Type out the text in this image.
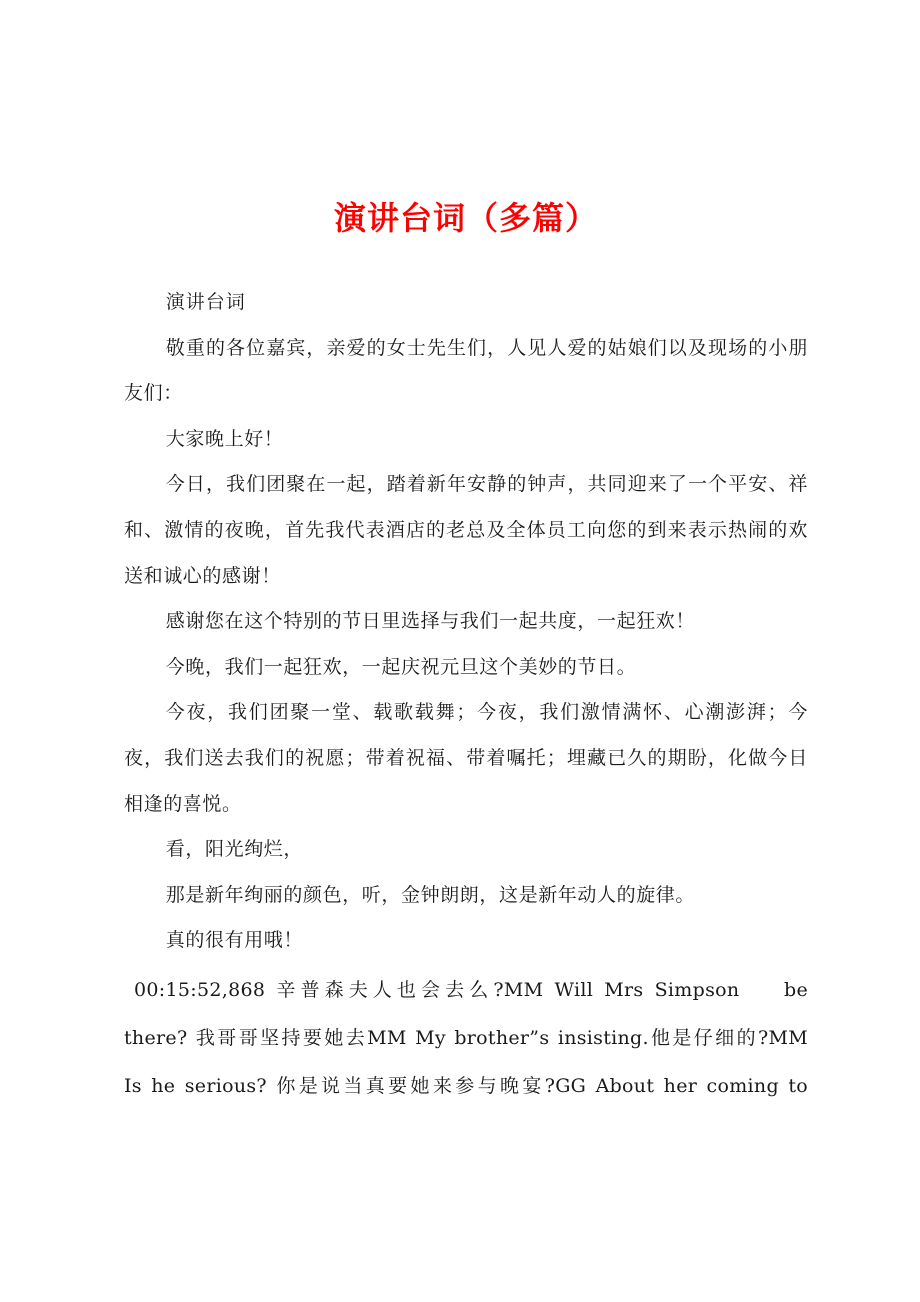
演讲台词（多篇）

演讲台词

敬重的各位嘉宾，亲爱的女士先生们，人见人爱的姑娘们以及现场的小朋友们：

大家晚上好！

今日，我们团聚在一起，踏着新年安静的钟声，共同迎来了一个平安、祥和、激情的夜晚，首先我代表酒店的老总及全体员工向您的到来表示热闹的欢送和诚心的感谢！

感谢您在这个特别的节日里选择与我们一起共度，一起狂欢！

今晚，我们一起狂欢，一起庆祝元旦这个美妙的节日。

今夜，我们团聚一堂、载歌载舞；今夜，我们激情满怀、心潮澎湃；今夜，我们送去我们的祝愿；带着祝福、带着嘱托；埋藏已久的期盼，化做今日相逢的喜悦。

看，阳光绚烂，

那是新年绚丽的颜色，听，金钟朗朗，这是新年动人的旋律。

真的很有用哦！

00:15:52,868 辛普森夫人也会去么?MM Will Mrs Simpson    be
there? 我哥哥坚持要她去MM My brother”s insisting.他是仔细的?MM
Is he serious? 你是说当真要她来参与晚宴?GG About her coming to
